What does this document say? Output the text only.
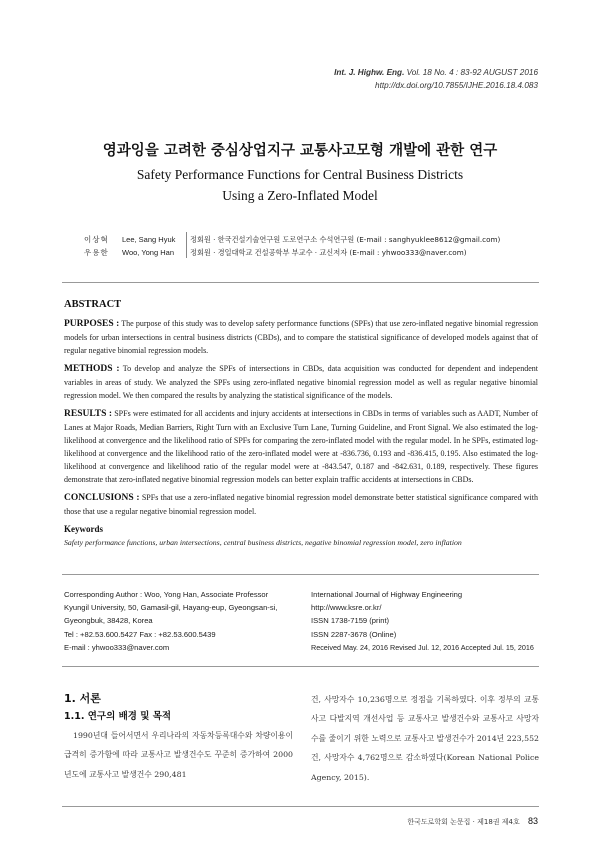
Int. J. Highw. Eng. Vol. 18 No. 4 : 83-92 AUGUST 2016
http://dx.doi.org/10.7855/IJHE.2016.18.4.083
영과잉을 고려한 중심상업지구 교통사고모형 개발에 관한 연구
Safety Performance Functions for Central Business Districts
Using a Zero-Inflated Model
이상혁	Lee, Sang Hyuk	정회원 · 한국건설기술연구원 도로연구소 수석연구원 (E-mail : sanghyuklee8612@gmail.com)
우용한	Woo, Yong Han	정회원 · 경일대학교 건설공학부 부교수 · 교신저자 (E-mail : yhwoo333@naver.com)
ABSTRACT

PURPOSES : The purpose of this study was to develop safety performance functions (SPFs) that use zero-inflated negative binomial regression models for urban intersections in central business districts (CBDs), and to compare the statistical significance of developed models against that of regular negative binomial regression models.

METHODS : To develop and analyze the SPFs of intersections in CBDs, data acquisition was conducted for dependent and independent variables in areas of study. We analyzed the SPFs using zero-inflated negative binomial regression model as well as regular negative binomial regression model. We then compared the results by analyzing the statistical significance of the models.

RESULTS : SPFs were estimated for all accidents and injury accidents at intersections in CBDs in terms of variables such as AADT, Number of Lanes at Major Roads, Median Barriers, Right Turn with an Exclusive Turn Lane, Turning Guideline, and Front Signal. We also estimated the log-likelihood at convergence and the likelihood ratio of SPFs for comparing the zero-inflated model with the regular model. In he SPFs, estimated log-likelihood at convergence and the likelihood ratio of the zero-inflated model were at -836.736, 0.193 and -836.415, 0.195. Also estimated the log-likelihood at convergence and likelihood ratio of the regular model were at -843.547, 0.187 and -842.631, 0.189, respectively. These figures demonstrate that zero-inflated negative binomial regression models can better explain traffic accidents at intersections in CBDs.

CONCLUSIONS : SPFs that use a zero-inflated negative binomial regression model demonstrate better statistical significance compared with those that use a regular negative binomial regression model.

Keywords
Safety performance functions, urban intersections, central business districts, negative binomial regression model, zero inflation
Corresponding Author : Woo, Yong Han, Associate Professor
Kyungil University, 50, Gamasil-gil, Hayang-eup, Gyeongsan-si,
Gyeongbuk, 38428, Korea
Tel : +82.53.600.5427 Fax : +82.53.600.5439
E-mail : yhwoo333@naver.com
International Journal of Highway Engineering
http://www.ksre.or.kr/
ISSN 1738-7159 (print)
ISSN 2287-3678 (Online)
Received May. 24, 2016 Revised Jul. 12, 2016 Accepted Jul. 15, 2016
1. 서론
1.1. 연구의 배경 및 목적

1990년대 들어서면서 우리나라의 자동차등록대수와 차량이용이 급격히 증가함에 따라 교통사고 발생건수도 꾸준히 증가하여 2000년도에 교통사고 발생건수 290,481

건, 사망자수 10,236명으로 정점을 기록하였다. 이후 정부의 교통사고 다발지역 개선사업 등 교통사고 발생건수와 교통사고 사망자수를 줄이기 위한 노력으로 교통사고 발생건수가 2014년 223,552건, 사망자수 4,762명으로 감소하였다(Korean National Police Agency, 2015).

한국도로학회 논문집 · 제18권 제4호 83
